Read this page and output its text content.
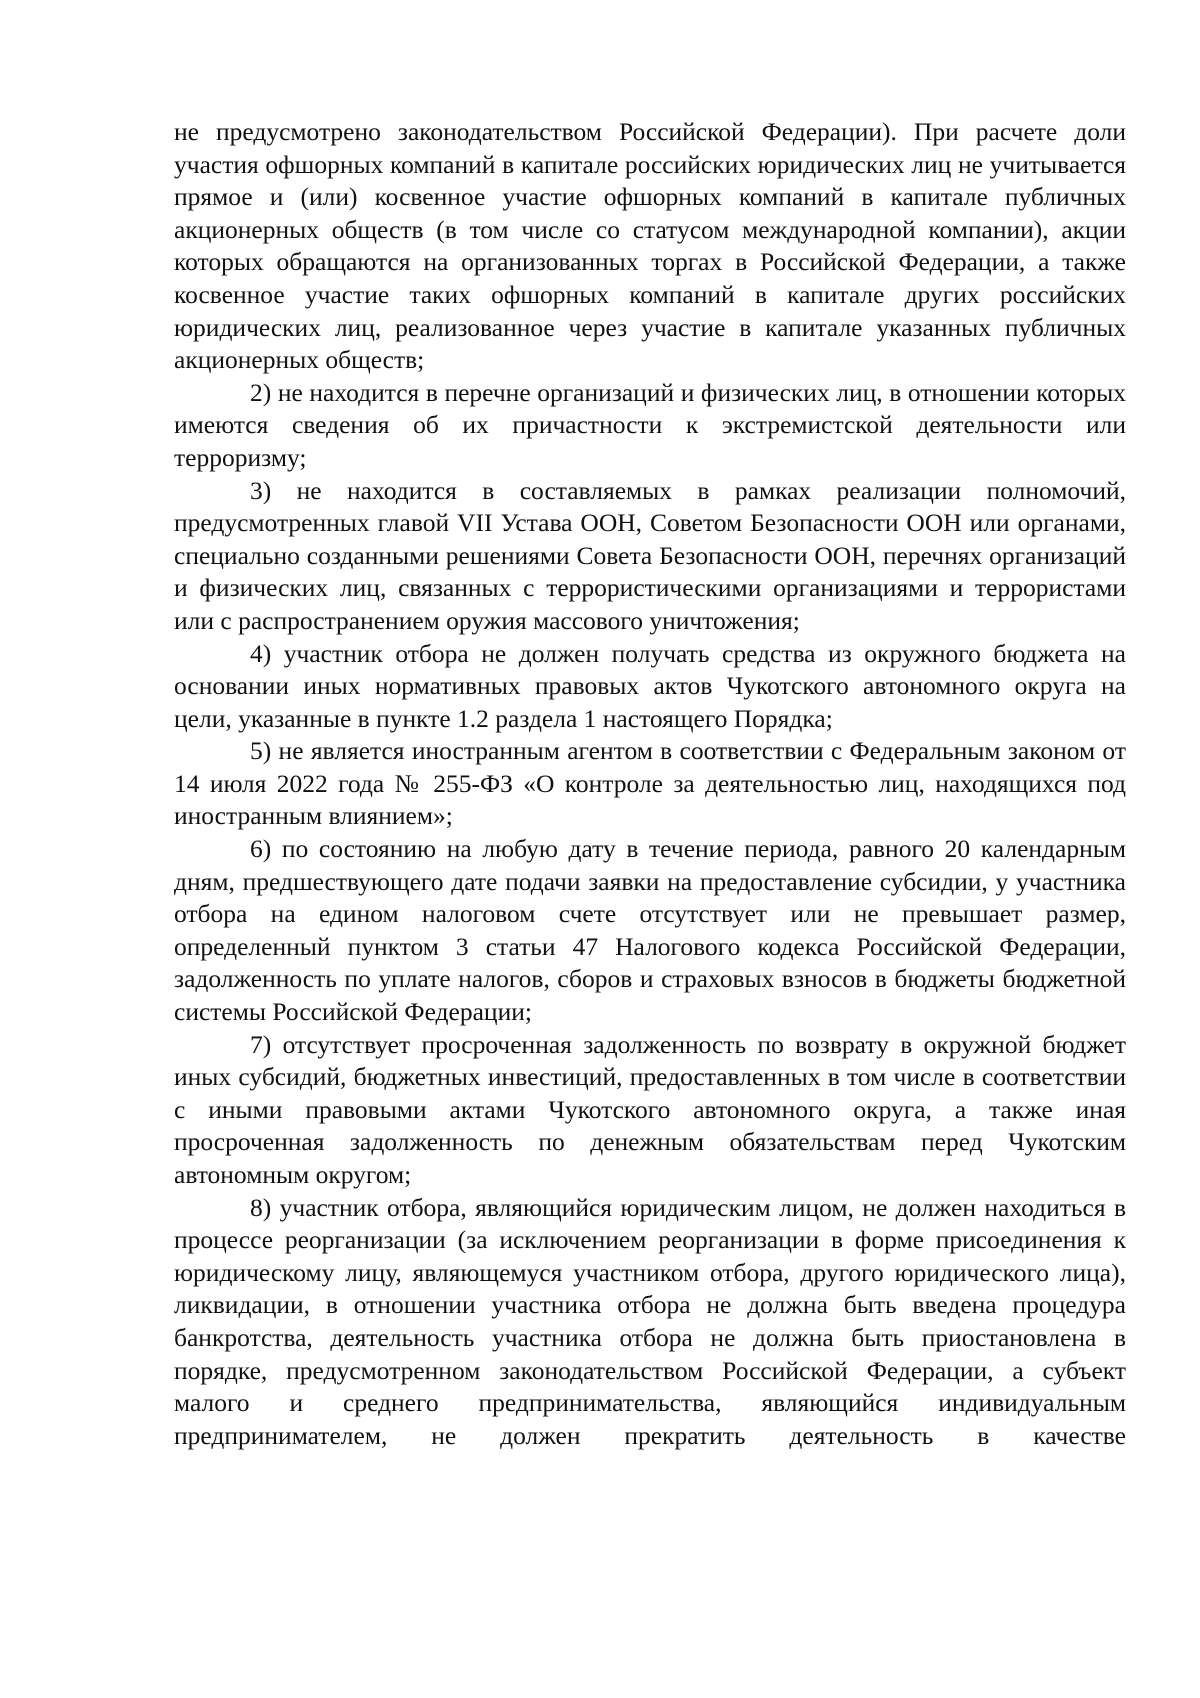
не предусмотрено законодательством Российской Федерации). При расчете доли участия офшорных компаний в капитале российских юридических лиц не учитывается прямое и (или) косвенное участие офшорных компаний в капитале публичных акционерных обществ (в том числе со статусом международной компании), акции которых обращаются на организованных торгах в Российской Федерации, а также косвенное участие таких офшорных компаний в капитале других российских юридических лиц, реализованное через участие в капитале указанных публичных акционерных обществ;

2) не находится в перечне организаций и физических лиц, в отношении которых имеются сведения об их причастности к экстремистской деятельности или терроризму;

3) не находится в составляемых в рамках реализации полномочий, предусмотренных главой VII Устава ООН, Советом Безопасности ООН или органами, специально созданными решениями Совета Безопасности ООН, перечнях организаций и физических лиц, связанных с террористическими организациями и террористами или с распространением оружия массового уничтожения;

4) участник отбора не должен получать средства из окружного бюджета на основании иных нормативных правовых актов Чукотского автономного округа на цели, указанные в пункте 1.2 раздела 1 настоящего Порядка;

5) не является иностранным агентом в соответствии с Федеральным законом от 14 июля 2022 года № 255-ФЗ «О контроле за деятельностью лиц, находящихся под иностранным влиянием»;

6) по состоянию на любую дату в течение периода, равного 20 календарным дням, предшествующего дате подачи заявки на предоставление субсидии, у участника отбора на едином налоговом счете отсутствует или не превышает размер, определенный пунктом 3 статьи 47 Налогового кодекса Российской Федерации, задолженность по уплате налогов, сборов и страховых взносов в бюджеты бюджетной системы Российской Федерации;

7) отсутствует просроченная задолженность по возврату в окружной бюджет иных субсидий, бюджетных инвестиций, предоставленных в том числе в соответствии с иными правовыми актами Чукотского автономного округа, а также иная просроченная задолженность по денежным обязательствам перед Чукотским автономным округом;

8) участник отбора, являющийся юридическим лицом, не должен находиться в процессе реорганизации (за исключением реорганизации в форме присоединения к юридическому лицу, являющемуся участником отбора, другого юридического лица), ликвидации, в отношении участника отбора не должна быть введена процедура банкротства, деятельность участника отбора не должна быть приостановлена в порядке, предусмотренном законодательством Российской Федерации, а субъект малого и среднего предпринимательства, являющийся индивидуальным предпринимателем, не должен прекратить деятельность в качестве
